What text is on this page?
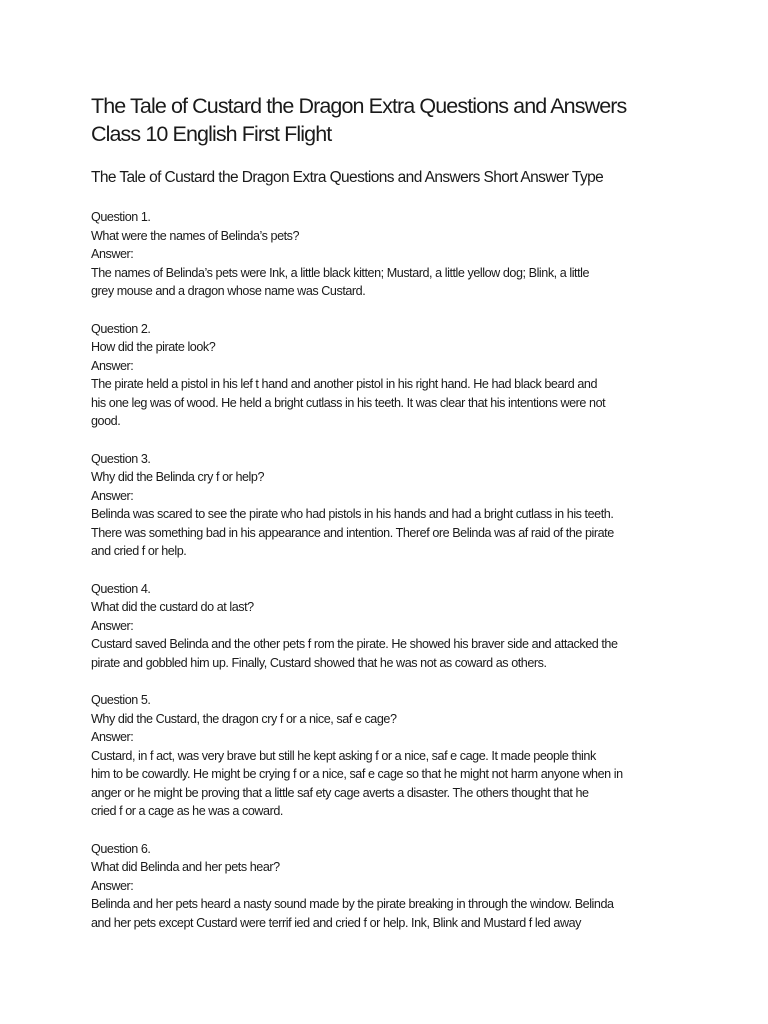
The Tale of Custard the Dragon Extra Questions and Answers
Class 10 English First Flight
The Tale of Custard the Dragon Extra Questions and Answers Short Answer Type
Question 1.
What were the names of Belinda’s pets?
Answer:
The names of Belinda’s pets were Ink, a little black kitten; Mustard, a little yellow dog; Blink, a little
grey mouse and a dragon whose name was Custard.
Question 2.
How did the pirate look?
Answer:
The pirate held a pistol in his lef t hand and another pistol in his right hand. He had black beard and
his one leg was of wood. He held a bright cutlass in his teeth. It was clear that his intentions were not
good.
Question 3.
Why did the Belinda cry f or help?
Answer:
Belinda was scared to see the pirate who had pistols in his hands and had a bright cutlass in his teeth.
There was something bad in his appearance and intention. Theref ore Belinda was af raid of the pirate
and cried f or help.
Question 4.
What did the custard do at last?
Answer:
Custard saved Belinda and the other pets f rom the pirate. He showed his braver side and attacked the
pirate and gobbled him up. Finally, Custard showed that he was not as coward as others.
Question 5.
Why did the Custard, the dragon cry f or a nice, saf e cage?
Answer:
Custard, in f act, was very brave but still he kept asking f or a nice, saf e cage. It made people think
him to be cowardly. He might be crying f or a nice, saf e cage so that he might not harm anyone when in
anger or he might be proving that a little saf ety cage averts a disaster. The others thought that he
cried f or a cage as he was a coward.
Question 6.
What did Belinda and her pets hear?
Answer:
Belinda and her pets heard a nasty sound made by the pirate breaking in through the window. Belinda
and her pets except Custard were terrif ied and cried f or help. Ink, Blink and Mustard f led away
